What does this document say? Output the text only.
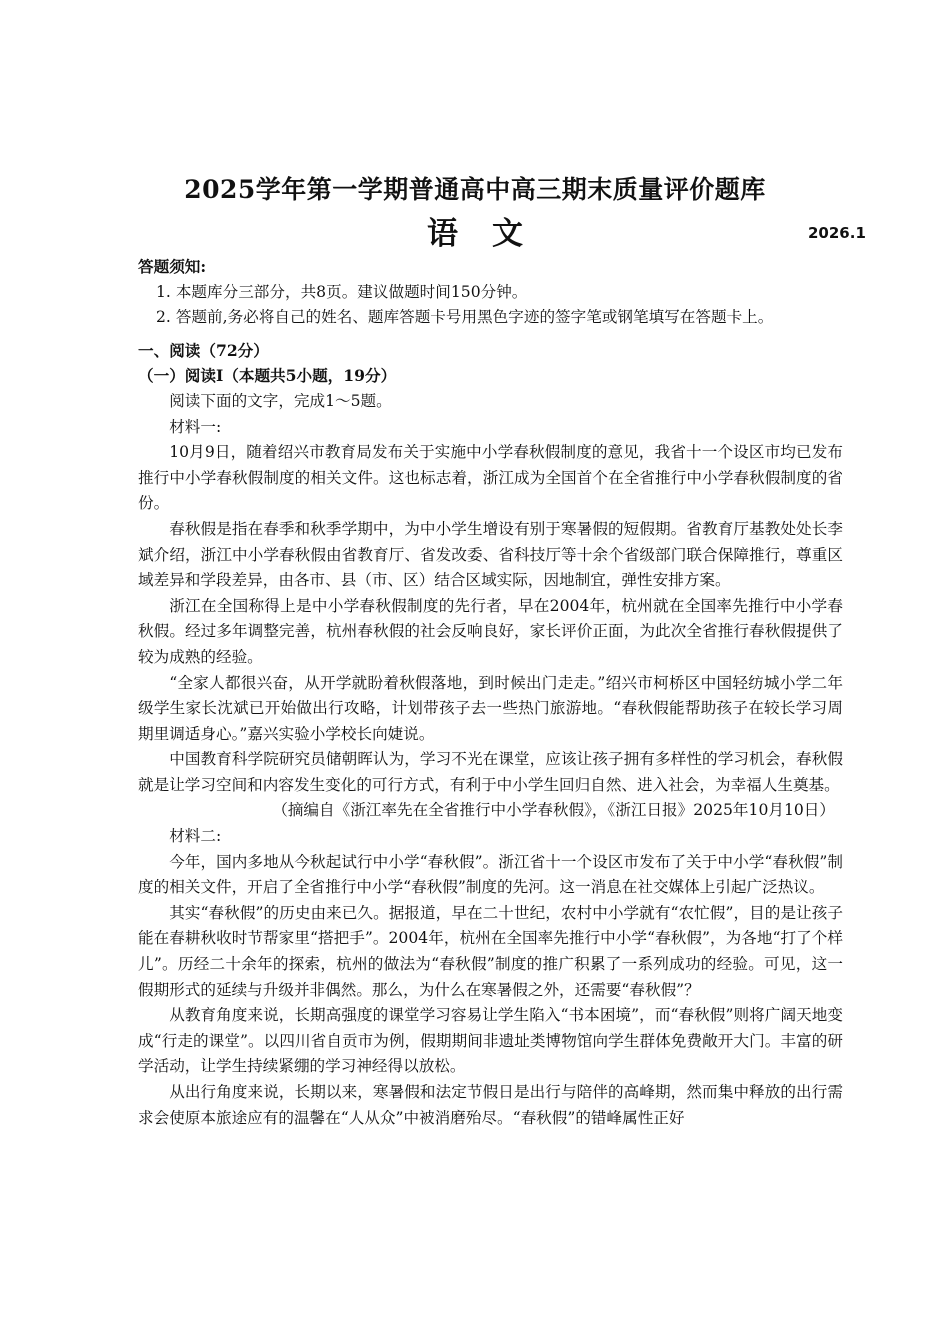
2025学年第一学期普通高中高三期末质量评价题库
语文	2026.1

答题须知:

1. 本题库分三部分，共8页。建议做题时间150分钟。

2. 答题前,务必将自己的姓名、题库答题卡号用黑色字迹的签字笔或钢笔填写在答题卡上。

一、阅读（72分）

（一）阅读Ⅰ（本题共5小题，19分）

阅读下面的文字，完成1～5题。

材料一:

10月9日，随着绍兴市教育局发布关于实施中小学春秋假制度的意见，我省十一个设区市均已发布推行中小学春秋假制度的相关文件。这也标志着，浙江成为全国首个在全省推行中小学春秋假制度的省份。

春秋假是指在春季和秋季学期中，为中小学生增设有别于寒暑假的短假期。省教育厅基教处处长李斌介绍，浙江中小学春秋假由省教育厅、省发改委、省科技厅等十余个省级部门联合保障推行，尊重区域差异和学段差异，由各市、县（市、区）结合区域实际，因地制宜，弹性安排方案。

浙江在全国称得上是中小学春秋假制度的先行者，早在2004年，杭州就在全国率先推行中小学春秋假。经过多年调整完善，杭州春秋假的社会反响良好，家长评价正面，为此次全省推行春秋假提供了较为成熟的经验。

“全家人都很兴奋，从开学就盼着秋假落地，到时候出门走走。”绍兴市柯桥区中国轻纺城小学二年级学生家长沈斌已开始做出行攻略，计划带孩子去一些热门旅游地。“春秋假能帮助孩子在较长学习周期里调适身心。”嘉兴实验小学校长向婕说。

中国教育科学院研究员储朝晖认为，学习不光在课堂，应该让孩子拥有多样性的学习机会，春秋假就是让学习空间和内容发生变化的可行方式，有利于中小学生回归自然、进入社会，为幸福人生奠基。

（摘编自《浙江率先在全省推行中小学春秋假》，《浙江日报》2025年10月10日）

材料二:

今年，国内多地从今秋起试行中小学“春秋假”。浙江省十一个设区市发布了关于中小学“春秋假”制度的相关文件，开启了全省推行中小学“春秋假”制度的先河。这一消息在社交媒体上引起广泛热议。

其实“春秋假”的历史由来已久。据报道，早在二十世纪，农村中小学就有“农忙假”，目的是让孩子能在春耕秋收时节帮家里“搭把手”。2004年，杭州在全国率先推行中小学“春秋假”，为各地“打了个样儿”。历经二十余年的探索，杭州的做法为“春秋假”制度的推广积累了一系列成功的经验。可见，这一假期形式的延续与升级并非偶然。那么，为什么在寒暑假之外，还需要“春秋假”？

从教育角度来说，长期高强度的课堂学习容易让学生陷入“书本困境”，而“春秋假”则将广阔天地变成“行走的课堂”。以四川省自贡市为例，假期期间非遗址类博物馆向学生群体免费敞开大门。丰富的研学活动，让学生持续紧绷的学习神经得以放松。

从出行角度来说，长期以来，寒暑假和法定节假日是出行与陪伴的高峰期，然而集中释放的出行需求会使原本旅途应有的温馨在“人从众”中被消磨殆尽。“春秋假”的错峰属性正好
